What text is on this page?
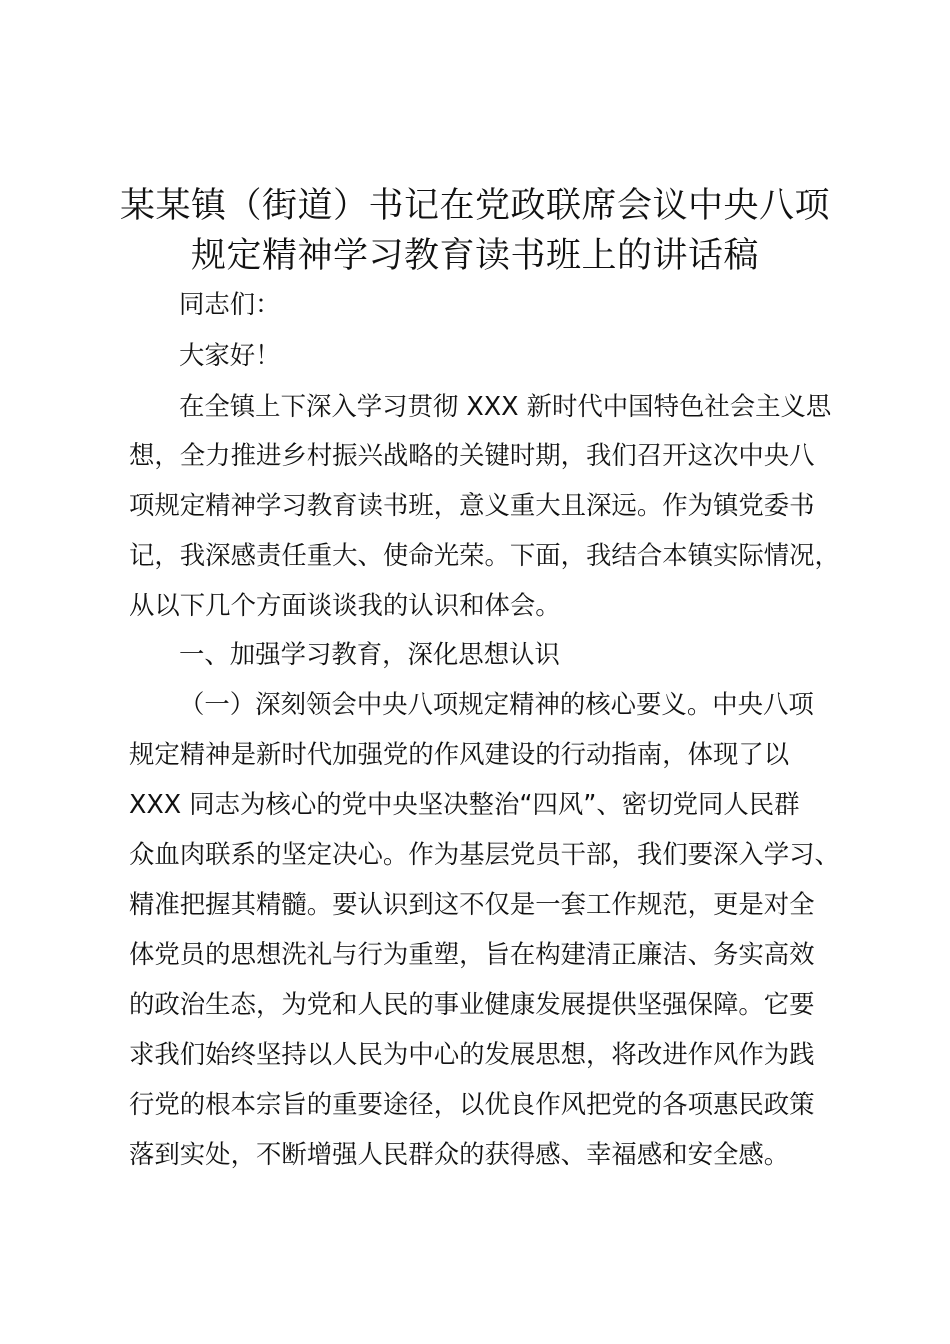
某某镇（街道）书记在党政联席会议中央八项
规定精神学习教育读书班上的讲话稿
同志们：
大家好！
在全镇上下深入学习贯彻 XXX 新时代中国特色社会主义思
想，全力推进乡村振兴战略的关键时期，我们召开这次中央八
项规定精神学习教育读书班，意义重大且深远。作为镇党委书
记，我深感责任重大、使命光荣。下面，我结合本镇实际情况，
从以下几个方面谈谈我的认识和体会。
一、加强学习教育，深化思想认识
（一）深刻领会中央八项规定精神的核心要义。中央八项
规定精神是新时代加强党的作风建设的行动指南，体现了以
XXX 同志为核心的党中央坚决整治“四风”、密切党同人民群
众血肉联系的坚定决心。作为基层党员干部，我们要深入学习、
精准把握其精髓。要认识到这不仅是一套工作规范，更是对全
体党员的思想洗礼与行为重塑，旨在构建清正廉洁、务实高效
的政治生态，为党和人民的事业健康发展提供坚强保障。它要
求我们始终坚持以人民为中心的发展思想，将改进作风作为践
行党的根本宗旨的重要途径，以优良作风把党的各项惠民政策
落到实处，不断增强人民群众的获得感、幸福感和安全感。
